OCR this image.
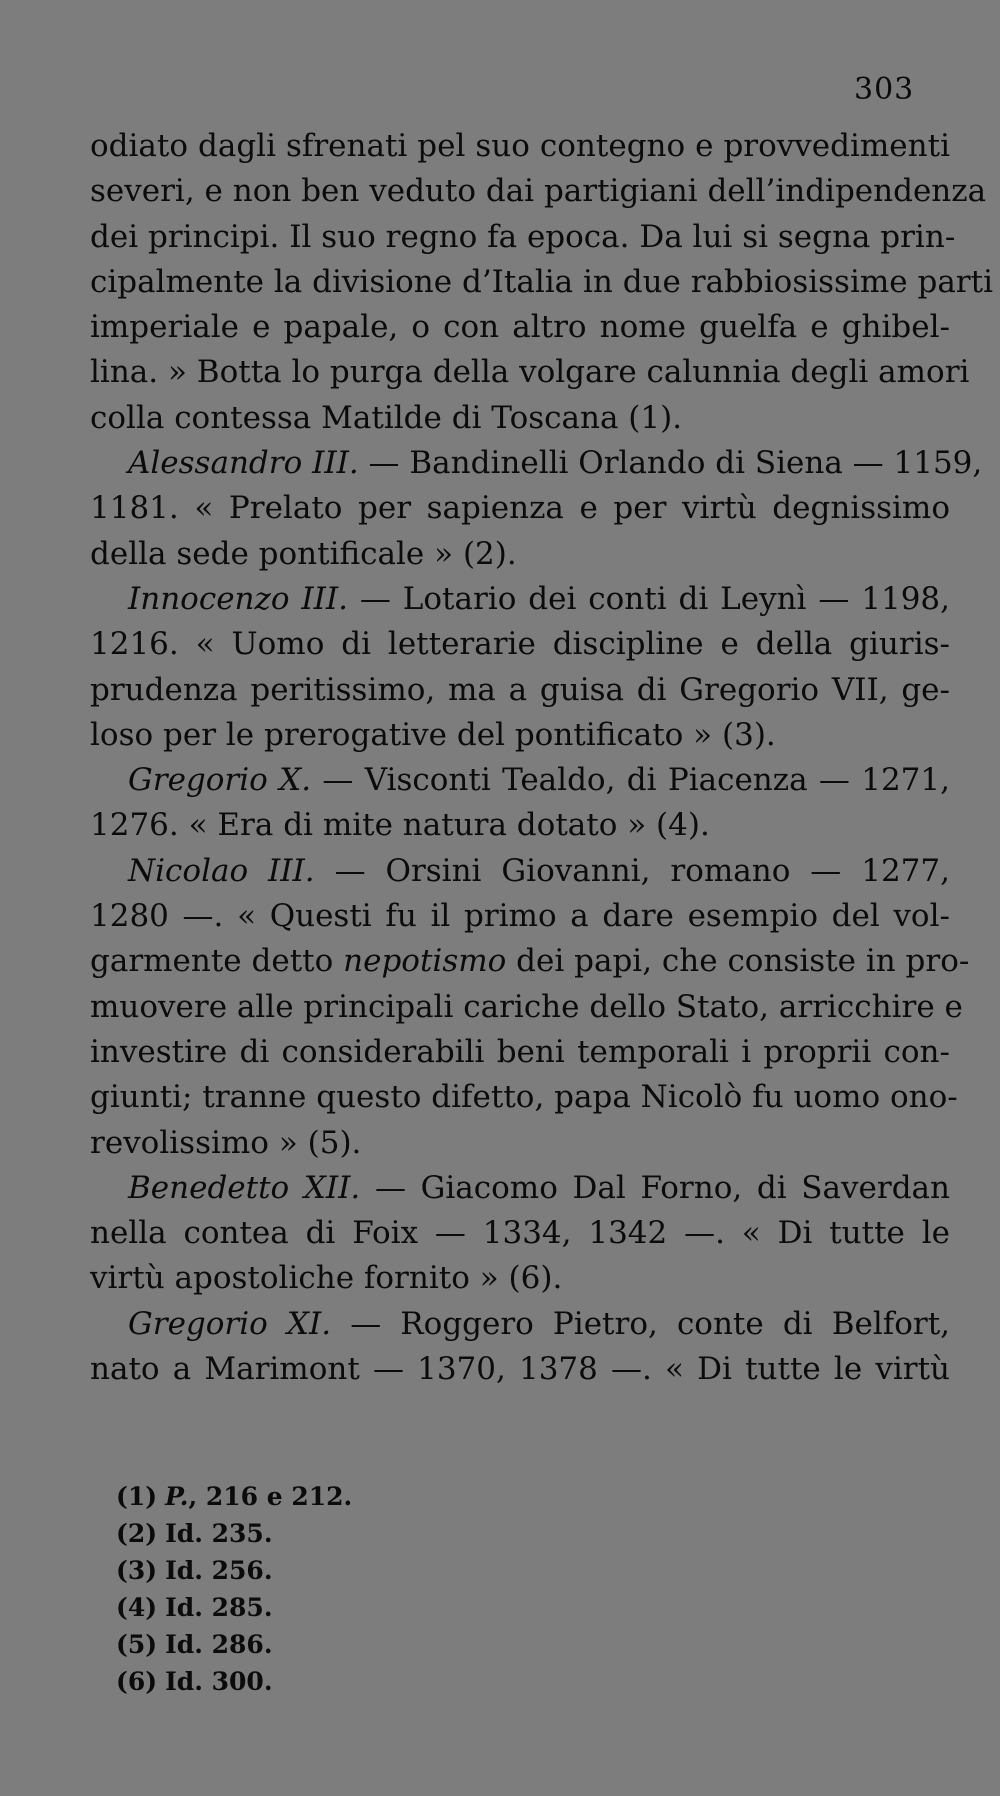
303
odiato dagli sfrenati pel suo contegno e provvedimenti
severi, e non ben veduto dai partigiani dell’indipendenza
dei principi. Il suo regno fa epoca. Da lui si segna prin-
cipalmente la divisione d’Italia in due rabbiosissime parti
imperiale e papale, o con altro nome guelfa e ghibel-
lina. » Botta lo purga della volgare calunnia degli amori
colla contessa Matilde di Toscana (1).
Alessandro III. — Bandinelli Orlando di Siena — 1159,
1181. « Prelato per sapienza e per virtù degnissimo
della sede pontificale » (2).
Innocenzo III. — Lotario dei conti di Leynì — 1198,
1216. « Uomo di letterarie discipline e della giuris-
prudenza peritissimo, ma a guisa di Gregorio VII, ge-
loso per le prerogative del pontificato » (3).
Gregorio X. — Visconti Tealdo, di Piacenza — 1271,
1276. « Era di mite natura dotato » (4).
Nicolao III. — Orsini Giovanni, romano — 1277,
1280 —. « Questi fu il primo a dare esempio del vol-
garmente detto nepotismo dei papi, che consiste in pro-
muovere alle principali cariche dello Stato, arricchire e
investire di considerabili beni temporali i proprii con-
giunti; tranne questo difetto, papa Nicolò fu uomo ono-
revolissimo » (5).
Benedetto XII. — Giacomo Dal Forno, di Saverdan
nella contea di Foix — 1334, 1342 —. « Di tutte le
virtù apostoliche fornito » (6).
Gregorio XI. — Roggero Pietro, conte di Belfort,
nato a Marimont — 1370, 1378 —. « Di tutte le virtù
(1) P., 216 e 212.
(2) Id. 235.
(3) Id. 256.
(4) Id. 285.
(5) Id. 286.
(6) Id. 300.
